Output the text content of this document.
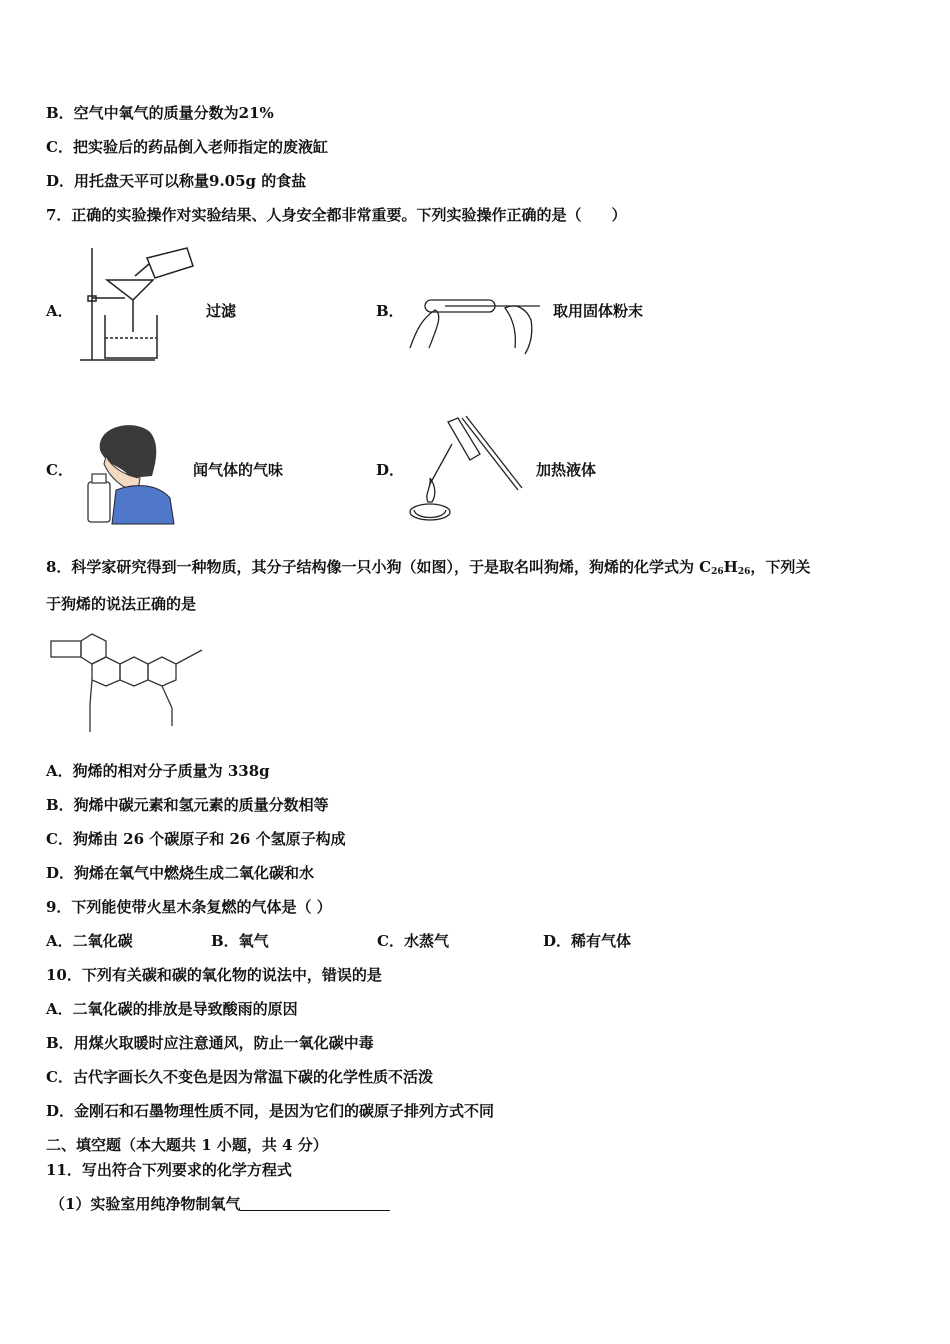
B．空气中氧气的质量分数为21%
C．把实验后的药品倒入老师指定的废液缸
D．用托盘天平可以称量9.05g 的食盐
7．正确的实验操作对实验结果、人身安全都非常重要。下列实验操作正确的是（　　）
A．	过滤	B．	取用固体粉末
C．	闻气体的气味	D．	加热液体
8．科学家研究得到一种物质，其分子结构像一只小狗（如图），于是取名叫狗烯，狗烯的化学式为 $C_{26}H_{26}$，下列关
于狗烯的说法正确的是
A．狗烯的相对分子质量为 338g
B．狗烯中碳元素和氢元素的质量分数相等
C．狗烯由 26 个碳原子和 26 个氢原子构成
D．狗烯在氧气中燃烧生成二氧化碳和水
9．下列能使带火星木条复燃的气体是（ ）
A．二氧化碳	B．氧气	C．水蒸气	D．稀有气体
10．下列有关碳和碳的氧化物的说法中，错误的是
A．二氧化碳的排放是导致酸雨的原因
B．用煤火取暖时应注意通风，防止一氧化碳中毒
C．古代字画长久不变色是因为常温下碳的化学性质不活泼
D．金刚石和石墨物理性质不同，是因为它们的碳原子排列方式不同
二、填空题（本大题共 1 小题，共 4 分）
11．写出符合下列要求的化学方程式
（1）实验室用纯净物制氧气
